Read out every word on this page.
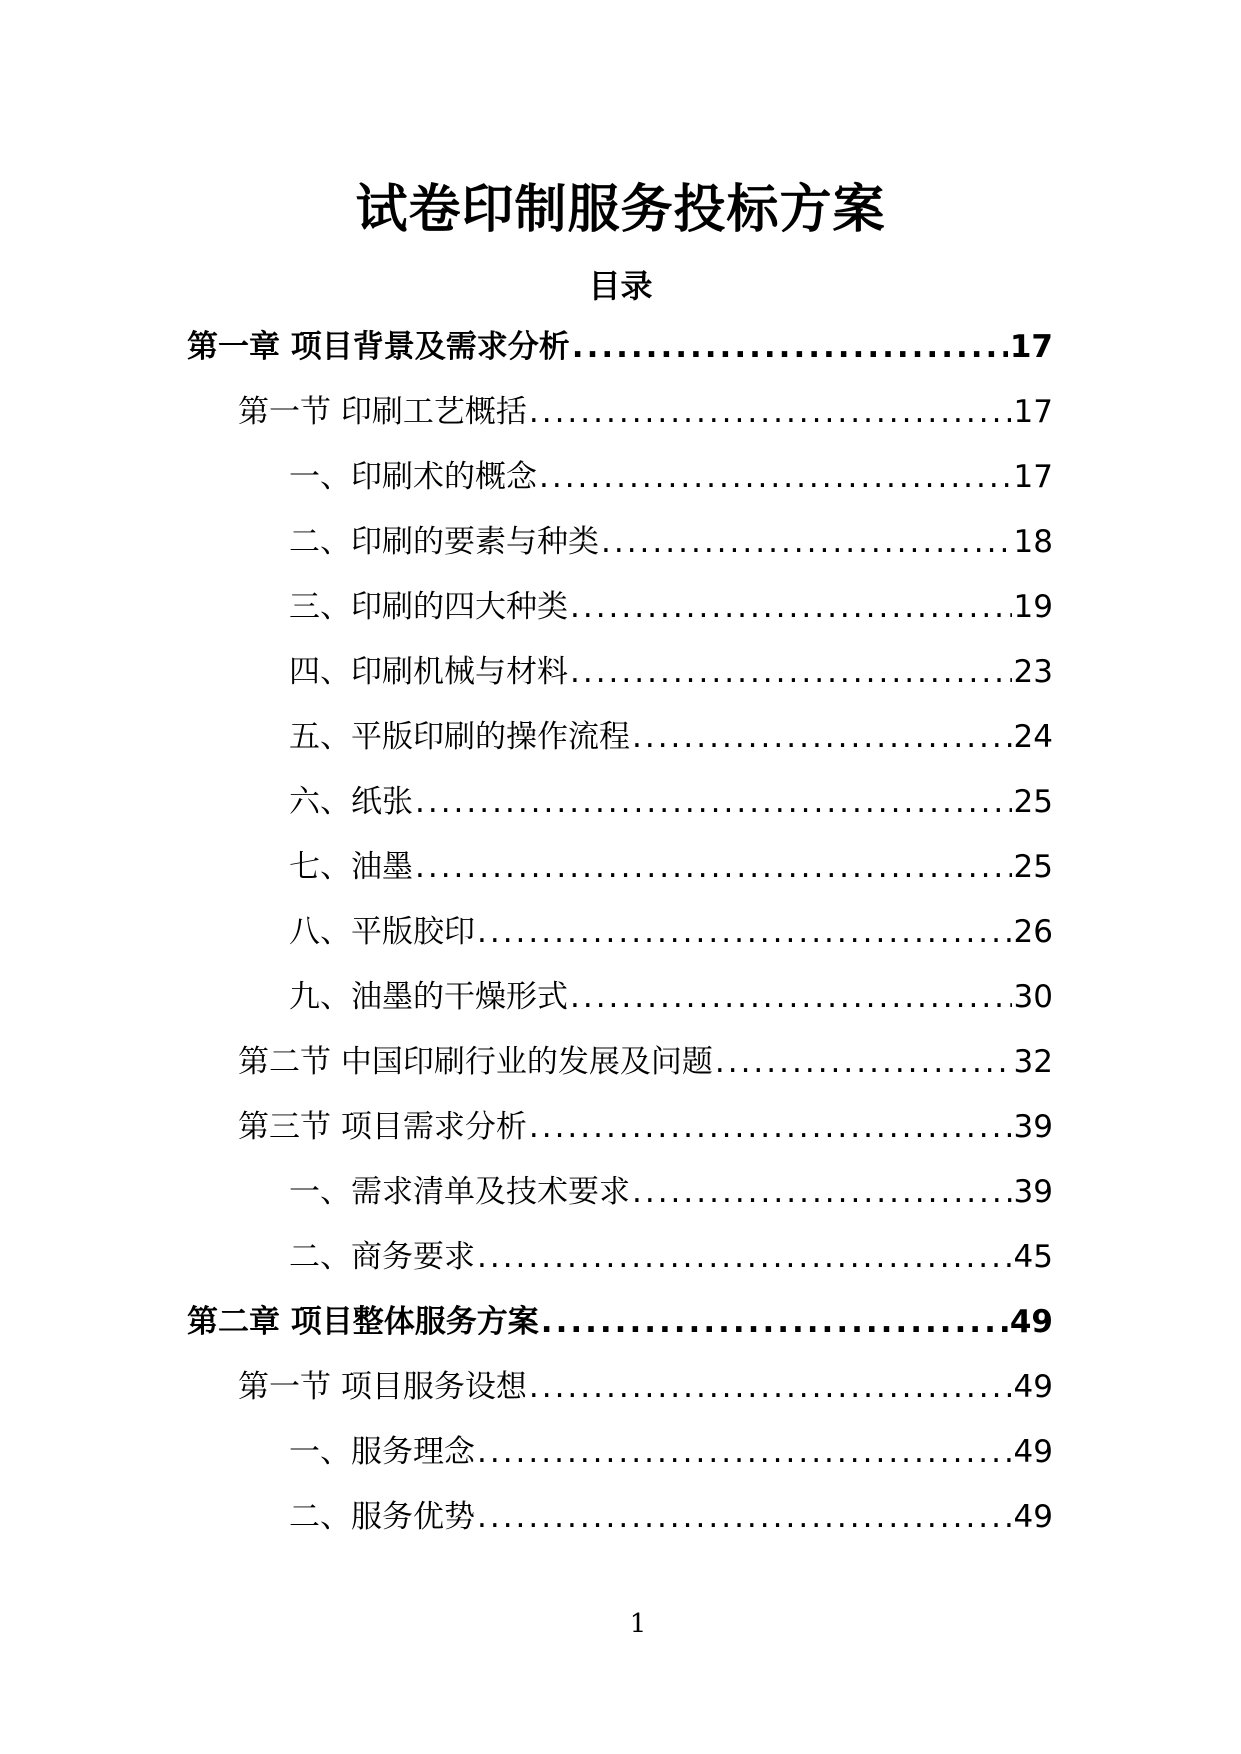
试卷印制服务投标方案
目录
第一章 项目背景及需求分析 .....	17
第一节 印刷工艺概括 .....	17
一、印刷术的概念 .....	17
二、印刷的要素与种类 .....	18
三、印刷的四大种类 .....	19
四、印刷机械与材料 .....	23
五、平版印刷的操作流程 .....	24
六、纸张 .....	25
七、油墨 .....	25
八、平版胶印 .....	26
九、油墨的干燥形式 .....	30
第二节 中国印刷行业的发展及问题 .....	32
第三节 项目需求分析 .....	39
一、需求清单及技术要求 .....	39
二、商务要求 .....	45
第二章 项目整体服务方案 .....	49
第一节 项目服务设想 .....	49
一、服务理念 .....	49
二、服务优势 .....	49
1
